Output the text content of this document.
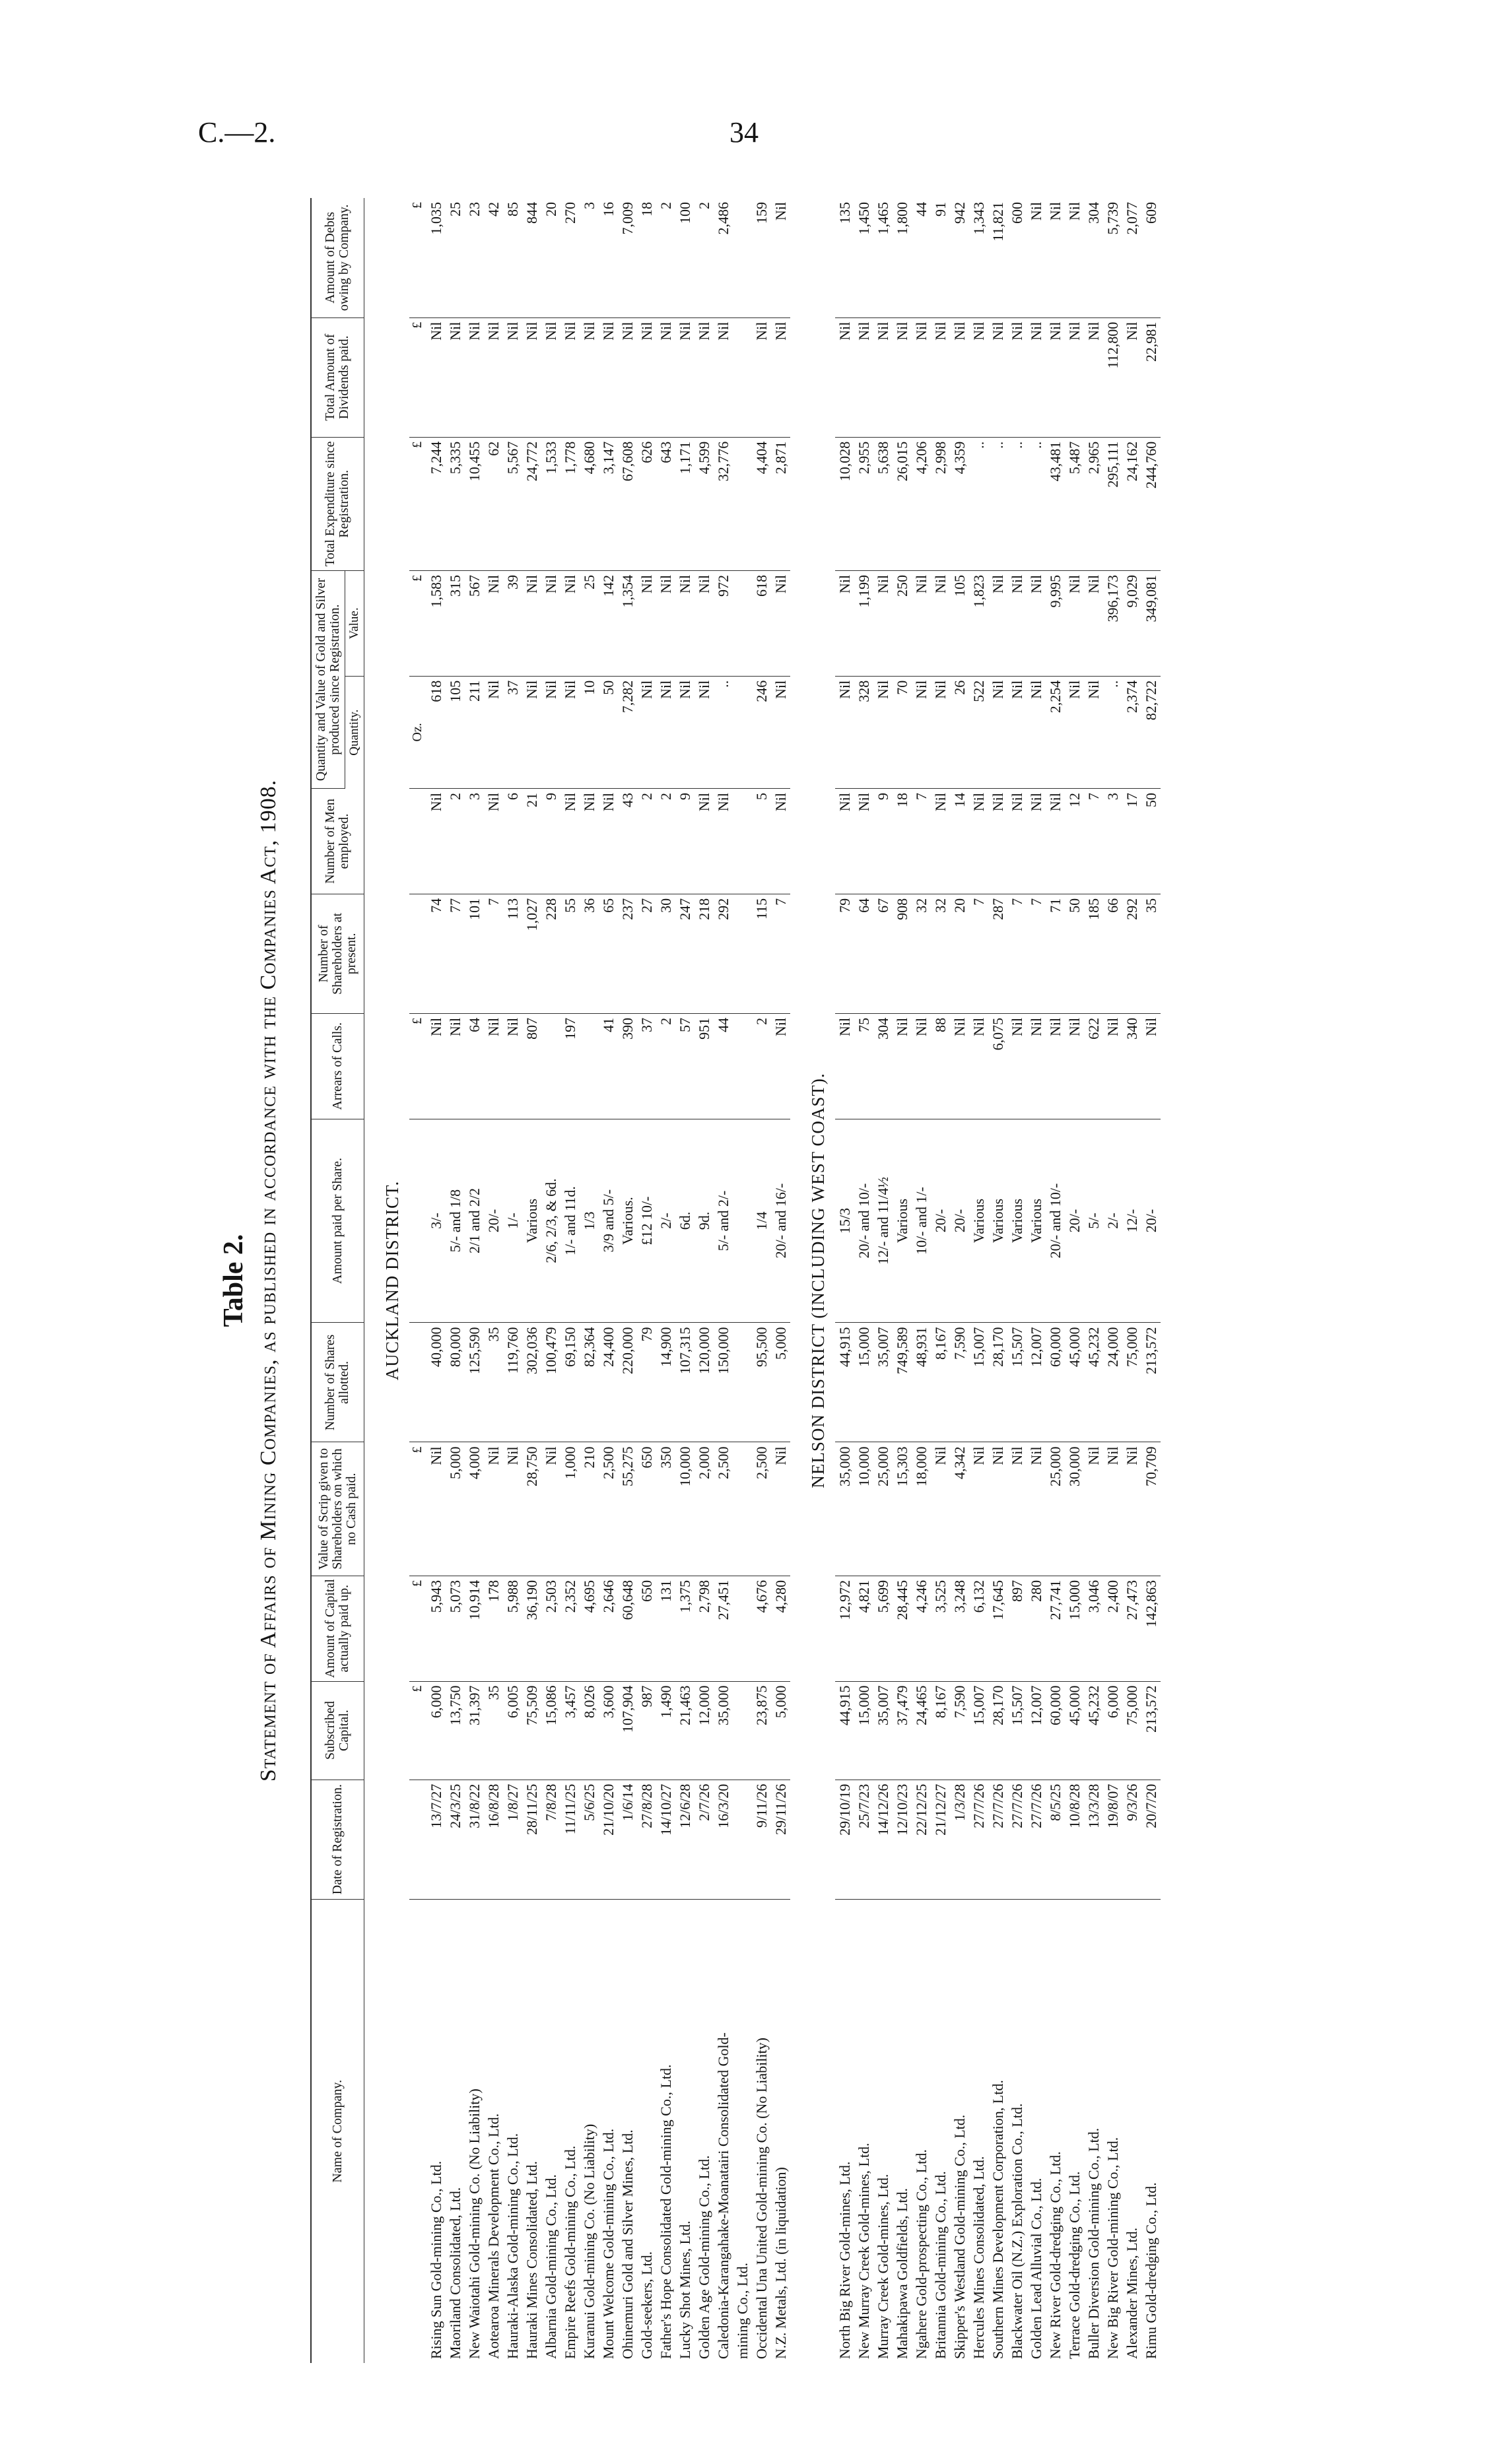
C.—2.	34
Table 2. Statement of Affairs of Mining Companies, as published in accordance with the Companies Act, 1908.
Name of Company.	Date of Registration.	Subscribed Capital.	Amount of Capital actually paid up.	Value of Scrip given to Shareholders on which no Cash paid.	Number of Shares allotted.	Amount paid per Share.	Arrears of Calls.	Number of Shareholders at present.	Number of Men employed.	Quantity and Value of Gold and Silver produced since Registration.		Total Expenditure since Registration.	Total Amount of Dividends paid.	Amount of Debts owing by Company.
										Quantity.	Value.			
AUCKLAND DISTRICT.														
		£	£	£			£			Oz.	£	£	£	£
Rising Sun Gold-mining Co., Ltd.	13/7/27	6,000	5,943	Nil	40,000	3/-	Nil	74	Nil	618	1,583	7,244	Nil	1,035
Maoriland Consolidated, Ltd.	24/3/25	13,750	5,073	5,000	80,000	5/- and 1/8	Nil	77	2	105	315	5,335	Nil	25
New Waiotahi Gold-mining Co. (No Liability)	31/8/22	31,397	10,914	4,000	125,590	2/1 and 2/2	64	101	3	211	567	10,455	Nil	23
Aotearoa Minerals Development Co., Ltd.	16/8/28	35	178	Nil	35	20/-	Nil	7	Nil	Nil	Nil	62	Nil	42
Hauraki-Alaska Gold-mining Co., Ltd.	1/8/27	6,005	5,988	Nil	119,760	1/-	Nil	113	6	37	39	5,567	Nil	85
Hauraki Mines Consolidated, Ltd.	28/11/25	75,509	36,190	28,750	302,036	Various	807	1,027	21	Nil	Nil	24,772	Nil	844
Albarnia Gold-mining Co., Ltd.	7/8/28	15,086	2,503	Nil	100,479	2/6, 2/3, & 6d.		228	9	Nil	Nil	1,533	Nil	20
Empire Reefs Gold-mining Co., Ltd.	11/11/25	3,457	2,352	1,000	69,150	1/- and 11d.	197	55	Nil	Nil	Nil	1,778	Nil	270
Kuranui Gold-mining Co. (No Liability)	5/6/25	8,026	4,695	210	82,364	1/3		36	Nil	10	25	4,680	Nil	3
Mount Welcome Gold-mining Co., Ltd.	21/10/20	3,600	2,646	2,500	24,400	3/9 and 5/-	41	65	Nil	50	142	3,147	Nil	16
Ohinemuri Gold and Silver Mines, Ltd.	1/6/14	107,904	60,648	55,275	220,000	Various.	390	237	43	7,282	1,354	67,608	Nil	7,009
Gold-seekers, Ltd.	27/8/28	987	650	650	79	£12 10/-	37	27	2	Nil	Nil	626	Nil	18
Father's Hope Consolidated Gold-mining Co., Ltd.	14/10/27	1,490	131	350	14,900	2/-	2	30	2	Nil	Nil	643	Nil	2
Lucky Shot Mines, Ltd.	12/6/28	21,463	1,375	10,000	107,315	6d.	57	247	9	Nil	Nil	1,171	Nil	100
Golden Age Gold-mining Co., Ltd.	2/7/26	12,000	2,798	2,000	120,000	9d.	951	218	Nil	Nil	Nil	4,599	Nil	2
Caledonia-Karangahake-Moanatairi Consolidated Gold-	16/3/20	35,000	27,451	2,500	150,000	5/- and 2/-	44	292	Nil	..	972	32,776	Nil	2,486
mining Co., Ltd.														
Occidental Una United Gold-mining Co. (No Liability)	9/11/26	23,875	4,676	2,500	95,500	1/4	2	115	5	246	618	4,404	Nil	159
N.Z. Metals, Ltd. (in liquidation)	29/11/26	5,000	4,280	Nil	5,000	20/- and 16/-	Nil	7	Nil	Nil	Nil	2,871	Nil	Nil
NELSON DISTRICT (INCLUDING WEST COAST).														
North Big River Gold-mines, Ltd.	29/10/19	44,915	12,972	35,000	44,915	15/3	Nil	79	Nil	Nil	Nil	10,028	Nil	135
New Murray Creek Gold-mines, Ltd.	25/7/23	15,000	4,821	10,000	15,000	20/- and 10/-	75	64	Nil	328	1,199	2,955	Nil	1,450
Murray Creek Gold-mines, Ltd.	14/12/26	35,007	5,699	25,000	35,007	12/- and 11/4½	304	67	9	Nil	Nil	5,638	Nil	1,465
Mahakipawa Goldfields, Ltd.	12/10/23	37,479	28,445	15,303	749,589	Various	Nil	908	18	70	250	26,015	Nil	1,800
Ngahere Gold-prospecting Co., Ltd.	22/12/25	24,465	4,246	18,000	48,931	10/- and 1/-	Nil	32	7	Nil	Nil	4,206	Nil	44
Britannia Gold-mining Co., Ltd.	21/12/27	8,167	3,525	Nil	8,167	20/-	88	32	Nil	Nil	Nil	2,998	Nil	91
Skipper's Westland Gold-mining Co., Ltd.	1/3/28	7,590	3,248	4,342	7,590	20/-	Nil	20	14	26	105	4,359	Nil	942
Hercules Mines Consolidated, Ltd.	27/7/26	15,007	6,132	Nil	15,007	Various	Nil	7	Nil	522	1,823	..	Nil	1,343
Southern Mines Development Corporation, Ltd.	27/7/26	28,170	17,645	Nil	28,170	Various	6,075	287	Nil	Nil	Nil	..	Nil	11,821
Blackwater Oil (N.Z.) Exploration Co., Ltd.	27/7/26	15,507	897	Nil	15,507	Various	Nil	7	Nil	Nil	Nil	..	Nil	600
Golden Lead Alluvial Co., Ltd.	27/7/26	12,007	280	Nil	12,007	Various	Nil	7	Nil	Nil	Nil	..	Nil	Nil
New River Gold-dredging Co., Ltd.	8/5/25	60,000	27,741	25,000	60,000	20/- and 10/-	Nil	71	Nil	2,254	9,995	43,481	Nil	Nil
Terrace Gold-dredging Co., Ltd.	10/8/28	45,000	15,000	30,000	45,000	20/-	Nil	50	12	Nil	Nil	5,487	Nil	Nil
Buller Diversion Gold-mining Co., Ltd.	13/3/28	45,232	3,046	Nil	45,232	5/-	622	185	7	Nil	Nil	2,965	Nil	304
New Big River Gold-mining Co., Ltd.	19/8/07	6,000	2,400	Nil	24,000	2/-	Nil	66	3	..	396,173	295,111	112,800	5,739
Alexander Mines, Ltd.	9/3/26	75,000	27,473	Nil	75,000	12/-	340	292	17	2,374	9,029	24,162	Nil	2,077
Rimu Gold-dredging Co., Ltd.	20/7/20	213,572	142,863	70,709	213,572	20/-	Nil	35	50	82,722	349,081	244,760	22,981	609
